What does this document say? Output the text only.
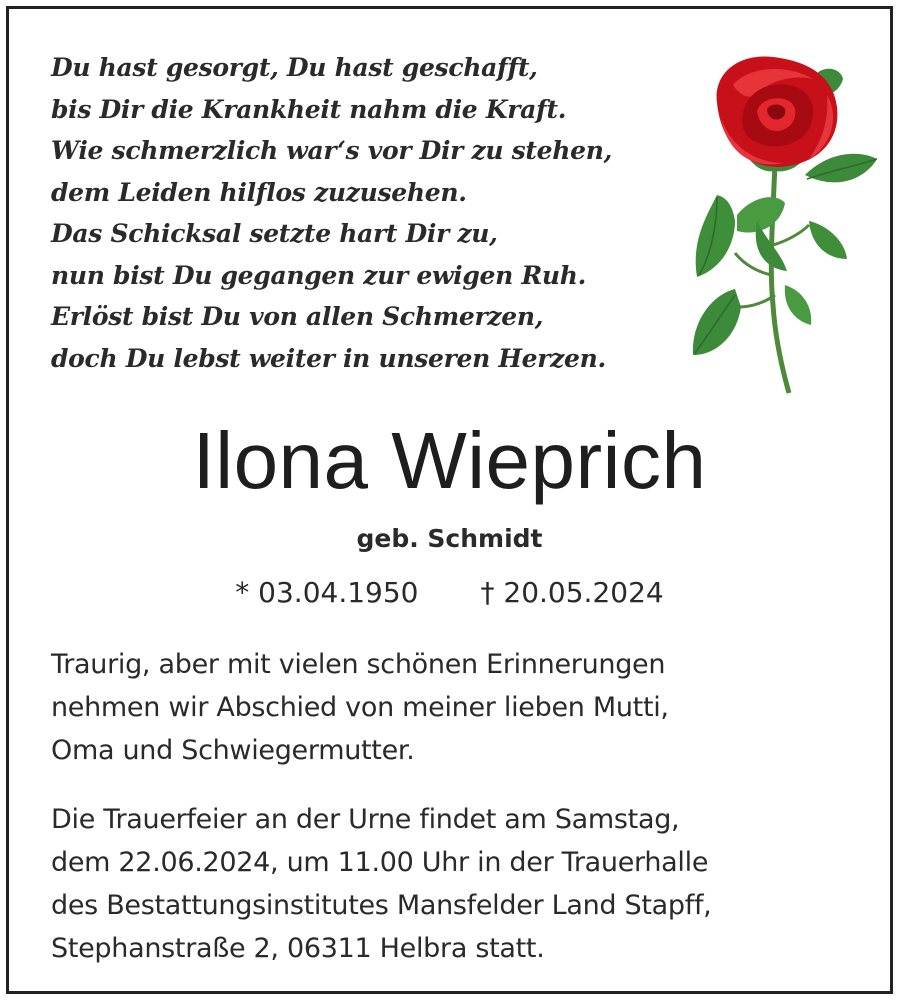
Du hast gesorgt, Du hast geschafft,
bis Dir die Krankheit nahm die Kraft.
Wie schmerzlich war‘s vor Dir zu stehen,
dem Leiden hilflos zuzusehen.
Das Schicksal setzte hart Dir zu,
nun bist Du gegangen zur ewigen Ruh.
Erlöst bist Du von allen Schmerzen,
doch Du lebst weiter in unseren Herzen.
Ilona Wieprich
geb. Schmidt
* 03.04.1950 † 20.05.2024
Traurig, aber mit vielen schönen Erinnerungen
nehmen wir Abschied von meiner lieben Mutti,
Oma und Schwiegermutter.
Die Trauerfeier an der Urne findet am Samstag,
dem 22.06.2024, um 11.00 Uhr in der Trauerhalle
des Bestattungsinstitutes Mansfelder Land Stapff,
Stephanstraße 2, 06311 Helbra statt.
